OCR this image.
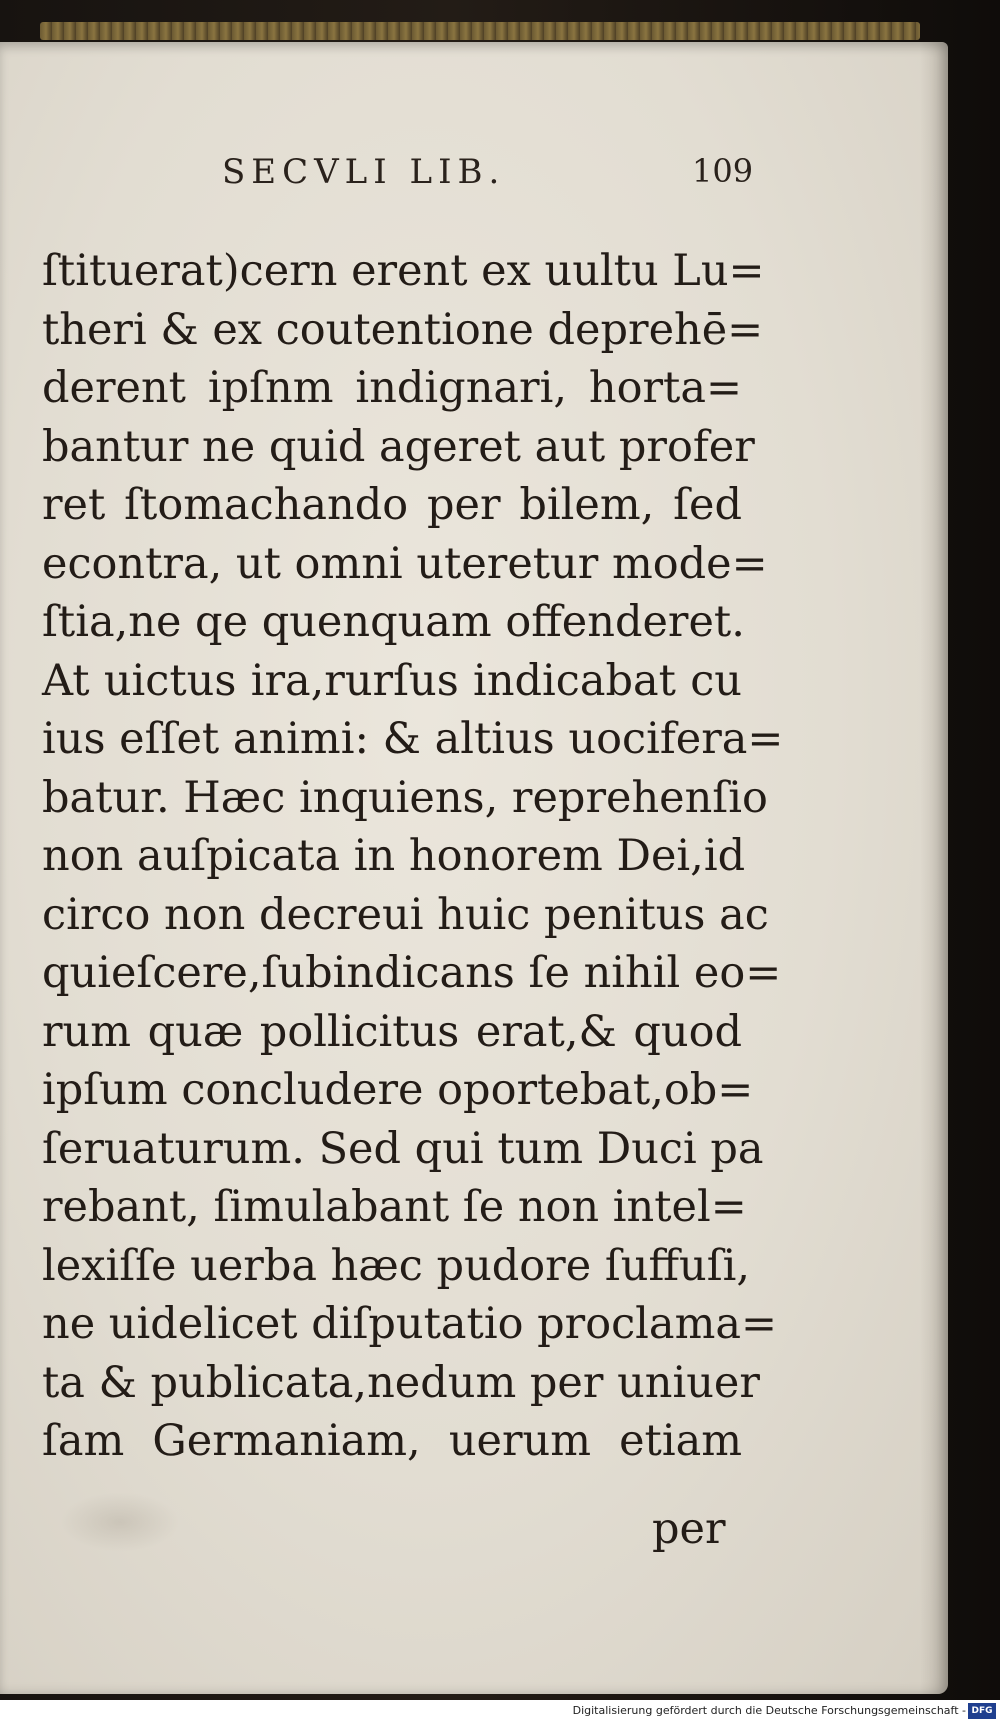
SECVLI LIB.	109
ſtituerat)cern erent ex uultu Lu=
theri & ex coutentione deprehē=
derent ipſnm indignari, horta=
bantur ne quid ageret aut profer
ret ſtomachando per bilem, ſed
econtra, ut omni uteretur mode=
ſtia,ne qe quenquam offenderet.
At uictus ira,rurſus indicabat cu
ius eſſet animi: & altius uocifera=
batur. Hæc inquiens, reprehenſio
non auſpicata in honorem Dei,id
circo non decreui huic penitus ac
quieſcere,ſubindicans ſe nihil eo=
rum quæ pollicitus erat,& quod
ipſum concludere oportebat,ob=
ſeruaturum. Sed qui tum Duci pa
rebant, ſimulabant ſe non intel=
lexiſſe uerba hæc pudore ſuffuſi,
ne uidelicet diſputatio proclama=
ta & publicata,nedum per uniuer
ſam Germaniam, uerum etiam
per
Digitalisierung gefördert durch die Deutsche Forschungsgemeinschaft - DFG
